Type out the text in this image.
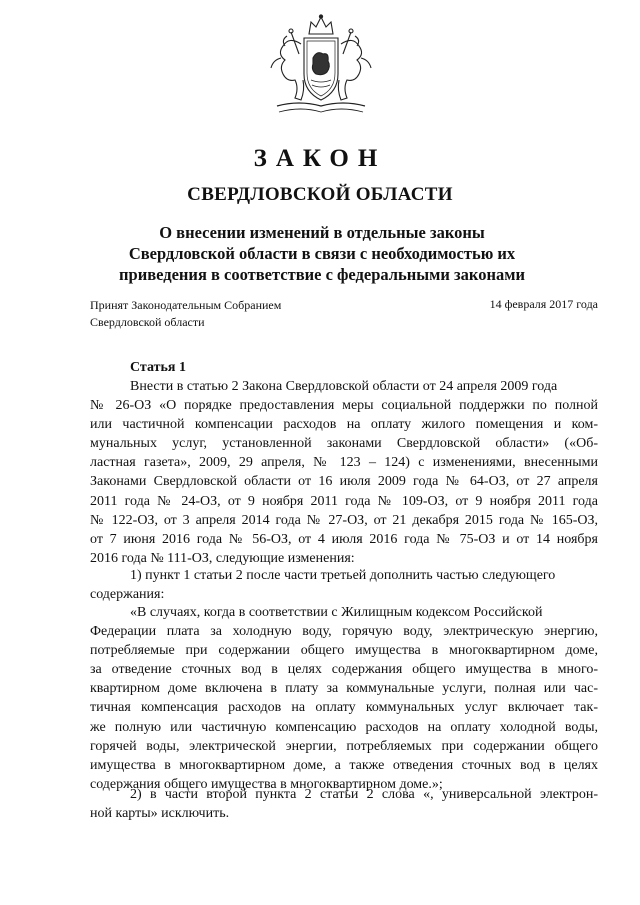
ЗАКОН
СВЕРДЛОВСКОЙ ОБЛАСТИ
О внесении изменений в отдельные законы
Свердловской области в связи с необходимостью их
приведения в соответствие с федеральными законами
Принят Законодательным Собранием
Свердловской области
14 февраля 2017 года
Статья 1
Внести в статью 2 Закона Свердловской области от 24 апреля 2009 года
№ 26-ОЗ «О порядке предоставления меры социальной поддержки по полной
или частичной компенсации расходов на оплату жилого помещения и ком-
мунальных услуг, установленной законами Свердловской области» («Об-
ластная газета», 2009, 29 апреля, № 123 – 124) с изменениями, внесенными
Законами Свердловской области от 16 июля 2009 года № 64-ОЗ, от 27 апреля
2011 года № 24-ОЗ, от 9 ноября 2011 года № 109-ОЗ, от 9 ноября 2011 года
№ 122-ОЗ, от 3 апреля 2014 года № 27-ОЗ, от 21 декабря 2015 года № 165-ОЗ,
от 7 июня 2016 года № 56-ОЗ, от 4 июля 2016 года № 75-ОЗ и от 14 ноября
2016 года № 111-ОЗ, следующие изменения:
1) пункт 1 статьи 2 после части третьей дополнить частью следующего
содержания:
«В случаях, когда в соответствии с Жилищным кодексом Российской
Федерации плата за холодную воду, горячую воду, электрическую энергию,
потребляемые при содержании общего имущества в многоквартирном доме,
за отведение сточных вод в целях содержания общего имущества в много-
квартирном доме включена в плату за коммунальные услуги, полная или час-
тичная компенсация расходов на оплату коммунальных услуг включает так-
же полную или частичную компенсацию расходов на оплату холодной воды,
горячей воды, электрической энергии, потребляемых при содержании общего
имущества в многоквартирном доме, а также отведения сточных вод в целях
содержания общего имущества в многоквартирном доме.»;
2) в части второй пункта 2 статьи 2 слова «, универсальной электрон-
ной карты» исключить.
